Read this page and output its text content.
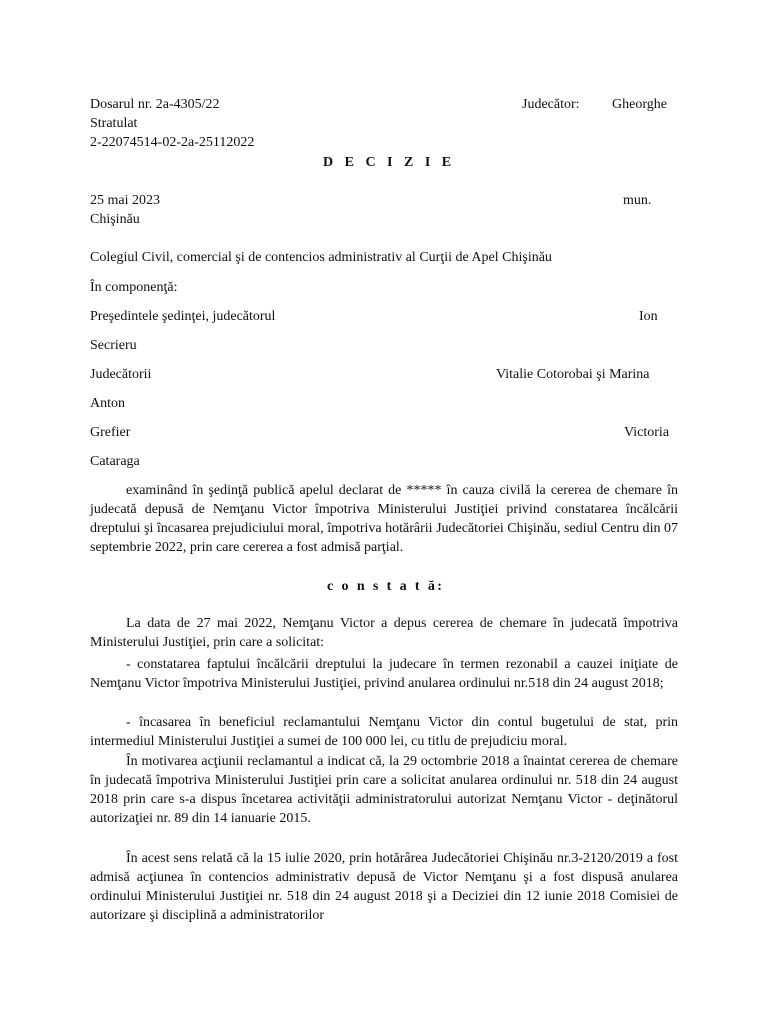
Dosarul nr. 2a-4305/22	Judecător: Gheorghe
Stratulat
2-22074514-02-2a-25112022
D E C I Z I E
25 mai 2023	mun.
Chişinău
Colegiul Civil, comercial şi de contencios administrativ al Curţii de Apel Chişinău
În componenţă:
Preşedintele şedinţei, judecătorul	Ion
Secrieru
Judecătorii	Vitalie Cotorobai şi Marina
Anton
Grefier	Victoria
Cataraga
examinând în şedinţă publică apelul declarat de ***** în cauza civilă la cererea de chemare în judecată depusă de Nemţanu Victor împotriva Ministerului Justiţiei privind constatarea încălcării dreptului şi încasarea prejudiciului moral, împotriva hotărârii Judecătoriei Chişinău, sediul Centru din 07 septembrie 2022, prin care cererea a fost admisă parţial.
c o n s t a t ă:
La data de 27 mai 2022, Nemţanu Victor a depus cererea de chemare în judecată împotriva Ministerului Justiţiei, prin care a solicitat:
- constatarea faptului încălcării dreptului la judecare în termen rezonabil a cauzei iniţiate de Nemţanu Victor împotriva Ministerului Justiţiei, privind anularea ordinului nr.518 din 24 august 2018;
- încasarea în beneficiul reclamantului Nemţanu Victor din contul bugetului de stat, prin intermediul Ministerului Justiţiei a sumei de 100 000 lei, cu titlu de prejudiciu moral.
În motivarea acţiunii reclamantul a indicat că, la 29 octombrie 2018 a înaintat cererea de chemare în judecată împotriva Ministerului Justiţiei prin care a solicitat anularea ordinului nr. 518 din 24 august 2018 prin care s-a dispus încetarea activităţii administratorului autorizat Nemţanu Victor - deţinătorul autorizaţiei nr. 89 din 14 ianuarie 2015.
În acest sens relată că la 15 iulie 2020, prin hotărârea Judecătoriei Chişinău nr.3-2120/2019 a fost admisă acţiunea în contencios administrativ depusă de Victor Nemţanu şi a fost dispusă anularea ordinului Ministerului Justiţiei nr. 518 din 24 august 2018 şi a Deciziei din 12 iunie 2018 Comisiei de autorizare şi disciplină a administratorilor
